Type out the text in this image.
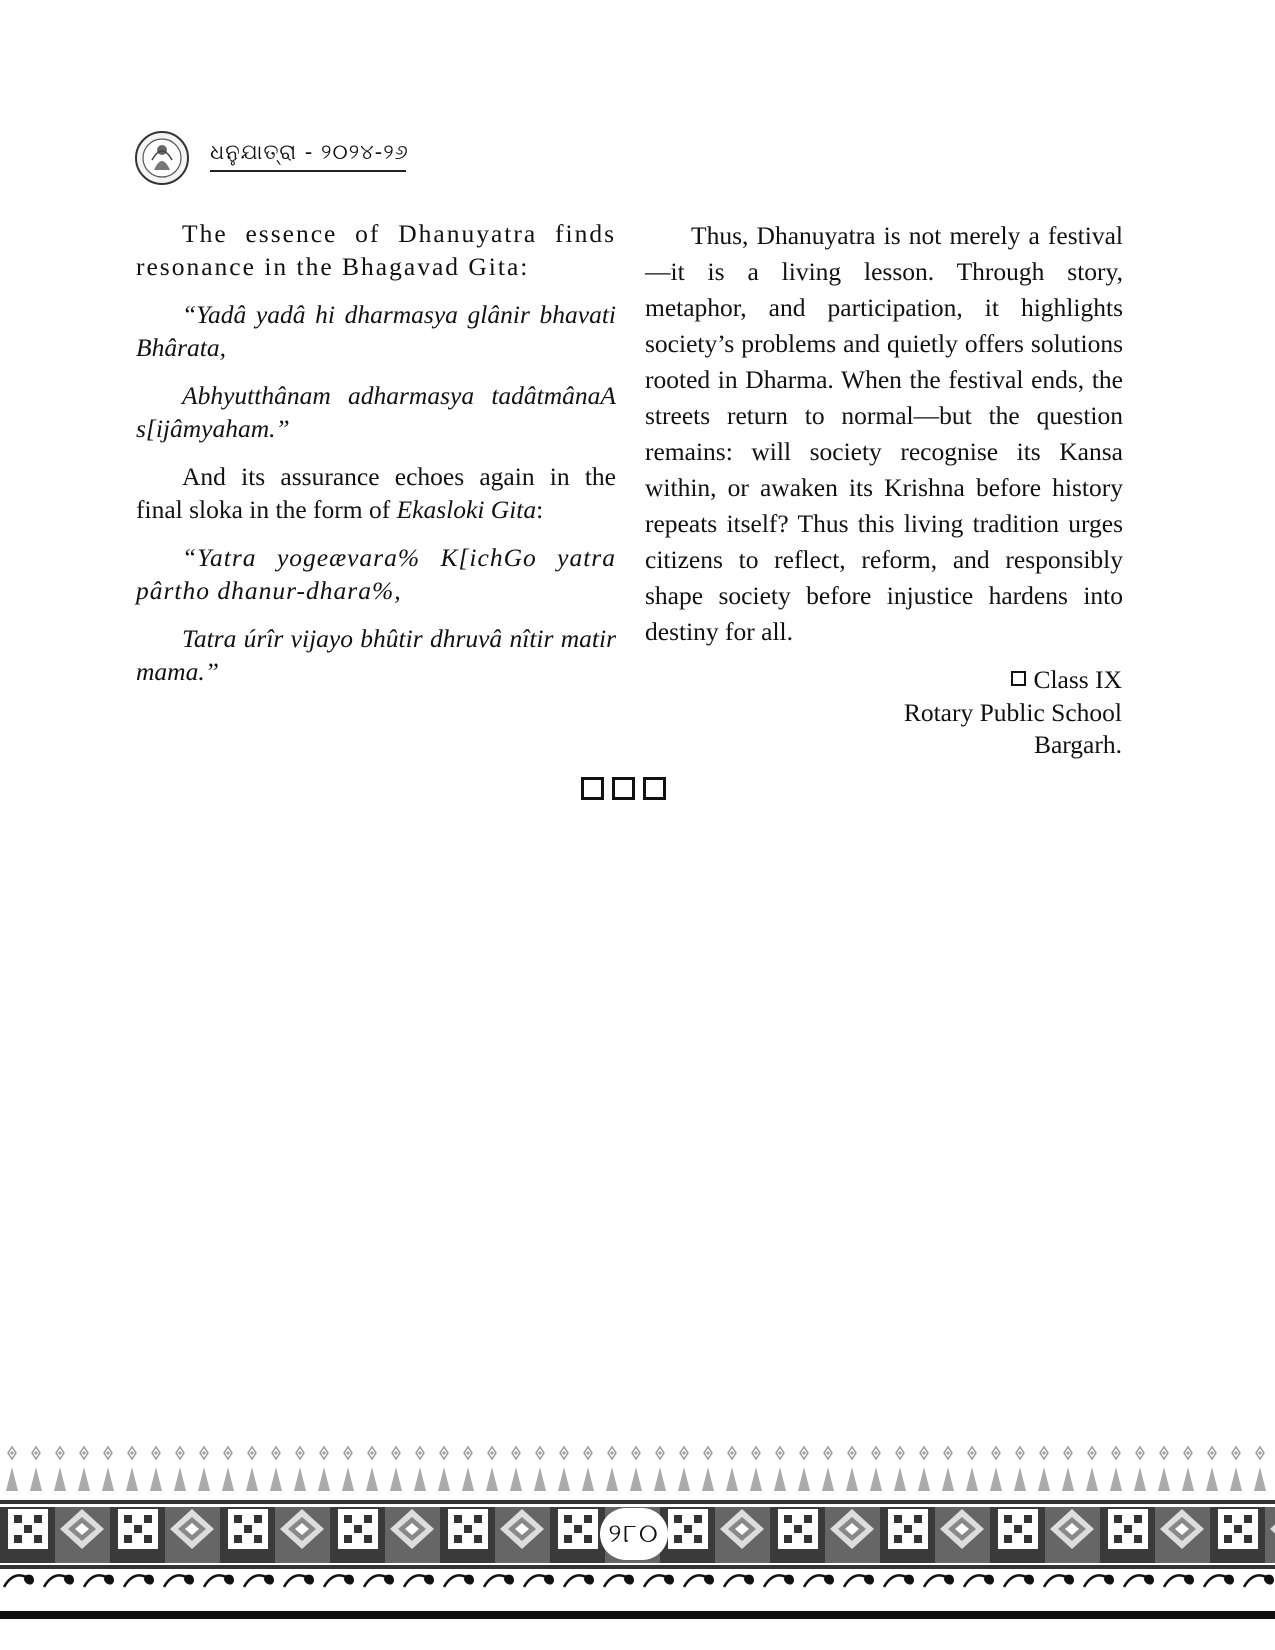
ଧନୁଯାତ୍ରା - ୨୦୨୪-୨୬

The essence of Dhanuyatra finds resonance in the Bhagavad Gita:

“Yadâ yadâ hi dharmasya glânir bhavati Bhârata,

Abhyutthânam adharmasya tadâtmânaA s[ijâmyaham.”

And its assurance echoes again in the final sloka in the form of Ekasloki Gita:

“Yatra yogeævara% K[ichGo yatra pârtho dhanur-dhara%,

Tatra úrîr vijayo bhûtir dhruvâ nîtir matir mama.”

Thus, Dhanuyatra is not merely a festival—it is a living lesson. Through story, metaphor, and participation, it highlights society’s problems and quietly offers solutions rooted in Dharma. When the festival ends, the streets return to normal—but the question remains: will society recognise its Kansa within, or awaken its Krishna before history repeats itself? Thus this living tradition urges citizens to reflect, reform, and responsibly shape society before injustice hardens into destiny for all.

Class IX
Rotary Public School
Bargarh.
୨୮୦
